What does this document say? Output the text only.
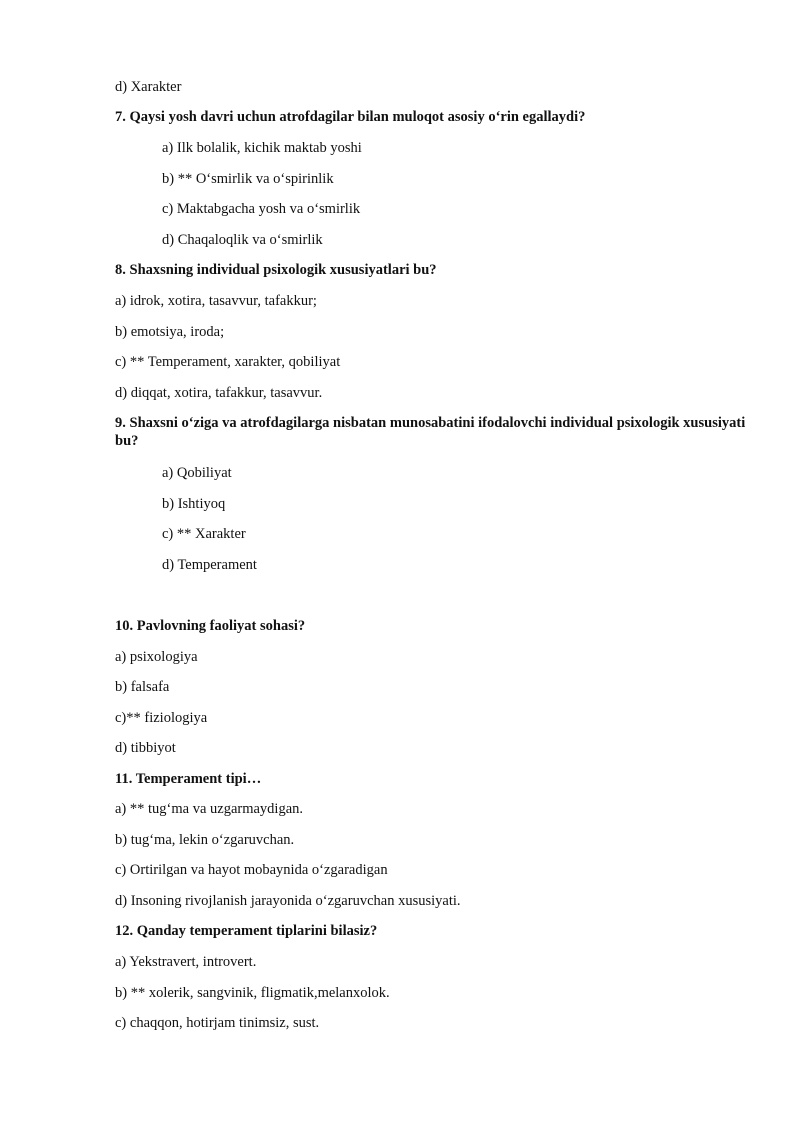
d) Xarakter
7. Qaysi yosh davri uchun atrofdagilar bilan muloqot asosiy o‘rin egallaydi?
a) Ilk bolalik, kichik maktab yoshi
b) ** O‘smirlik va o‘spirinlik
c) Maktabgacha yosh va o‘smirlik
d) Chaqaloqlik va o‘smirlik
8. Shaxsning individual psixologik xususiyatlari bu?
a) idrok, xotira, tasavvur, tafakkur;
b) emotsiya, iroda;
c) ** Temperament, xarakter, qobiliyat
d) diqqat, xotira, tafakkur, tasavvur.
9. Shaxsni o‘ziga va atrofdagilarga nisbatan munosabatini ifodalovchi individual psixologik xususiyati bu?
a) Qobiliyat
b) Ishtiyoq
c) ** Xarakter
d) Temperament
10. Pavlovning faoliyat sohasi?
a) psixologiya
b) falsafa
c)** fiziologiya
d) tibbiyot
11. Temperament tipi…
a) ** tug‘ma va uzgarmaydigan.
b) tug‘ma, lekin o‘zgaruvchan.
c) Ortirilgan va hayot mobaynida o‘zgaradigan
d) Insoning rivojlanish jarayonida o‘zgaruvchan xususiyati.
12. Qanday temperament tiplarini bilasiz?
a) Yekstravert, introvert.
b) ** xolerik, sangvinik, fligmatik,melanxolok.
c) chaqqon, hotirjam tinimsiz, sust.
